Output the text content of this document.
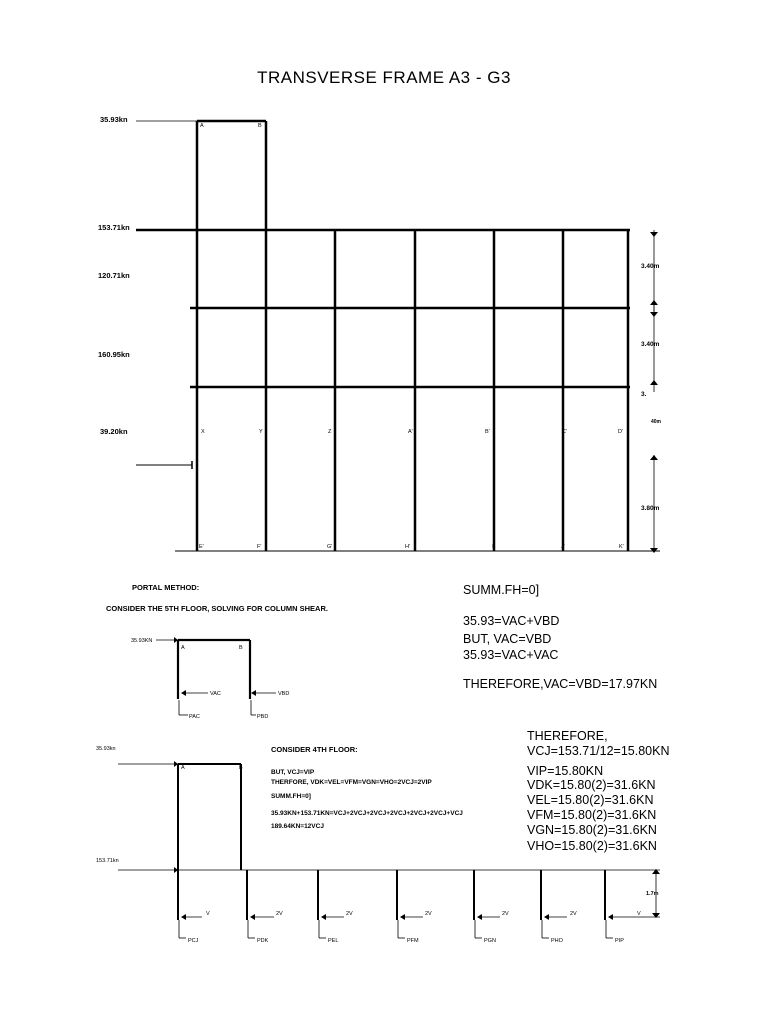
TRANSVERSE FRAME A3 - G3
35.93kn
153.71kn
120.71kn
160.95kn
39.20kn
3.40m
3.40m
3.
40m
3.80m
A	B
X	Y	Z	A'	B'	C'	D'
E'	F'	G'	H'	I'	J'	K'
35.93KN
A	B
VAC	VBD
PAC	PBD
35.93kn
153.71kn
A	B
1.7m
V	2V	2V	2V	2V	2V	V
PCJ	PDK	PEL	PFM	PGN	PHO	PIP
PORTAL METHOD:
CONSIDER THE 5TH FLOOR, SOLVING FOR COLUMN SHEAR.
SUMM.FH=0]
35.93=VAC+VBD
BUT, VAC=VBD
35.93=VAC+VAC
THEREFORE,VAC=VBD=17.97KN
THEREFORE,
VCJ=153.71/12=15.80KN
VIP=15.80KN
VDK=15.80(2)=31.6KN
VEL=15.80(2)=31.6KN
VFM=15.80(2)=31.6KN
VGN=15.80(2)=31.6KN
VHO=15.80(2)=31.6KN
CONSIDER 4TH FLOOR:
BUT, VCJ=VIP
THERFORE, VDK=VEL=VFM=VGN=VHO=2VCJ=2VIP
SUMM.FH=0]
35.93KN+153.71KN=VCJ+2VCJ+2VCJ+2VCJ+2VCJ+2VCJ+VCJ
189.64KN=12VCJ
